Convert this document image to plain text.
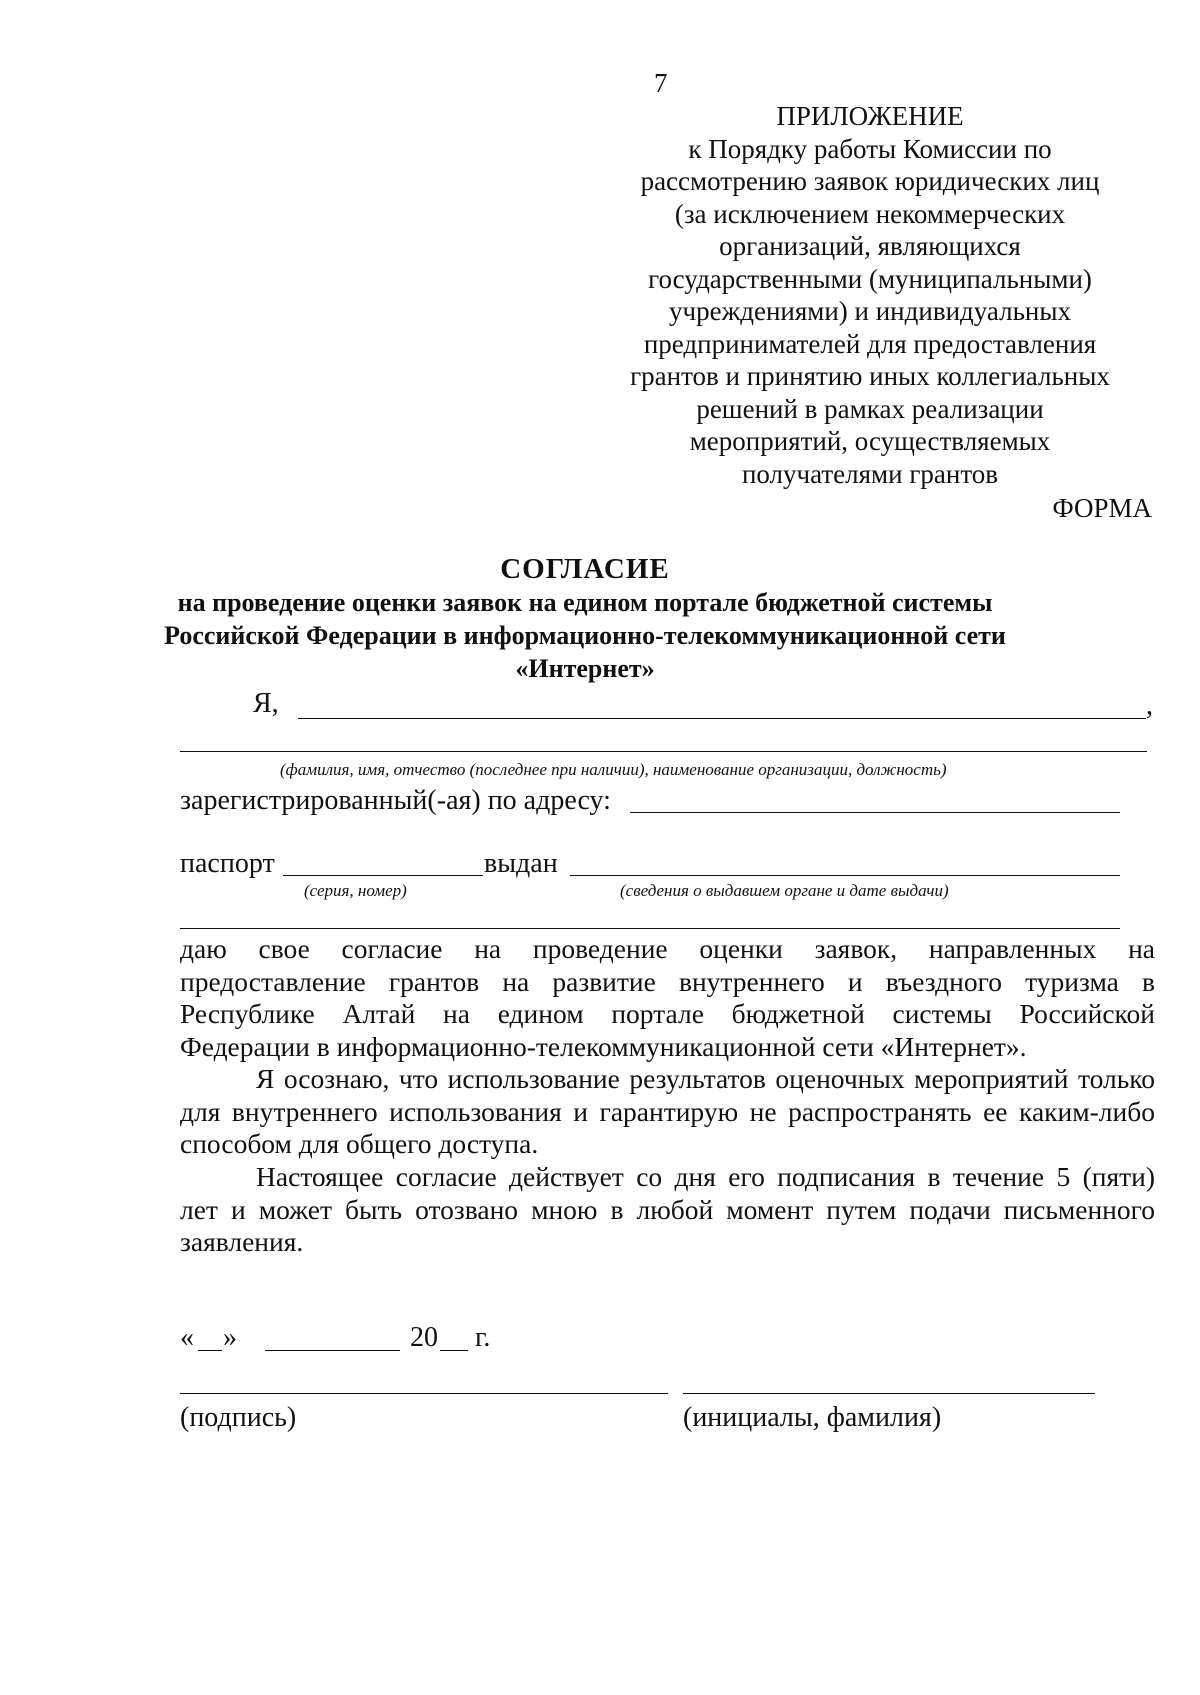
7
ПРИЛОЖЕНИЕ
к Порядку работы Комиссии по
рассмотрению заявок юридических лиц
(за исключением некоммерческих
организаций, являющихся
государственными (муниципальными)
учреждениями) и индивидуальных
предпринимателей для предоставления
грантов и принятию иных коллегиальных
решений в рамках реализации
мероприятий, осуществляемых
получателями грантов
ФОРМА
СОГЛАСИЕ
на проведение оценки заявок на едином портале бюджетной системы
Российской Федерации в информационно-телекоммуникационной сети
«Интернет»
Я,	,
(фамилия, имя, отчество (последнее при наличии), наименование организации, должность)
зарегистрированный(-ая) по адресу:
паспорт	выдан
(серия, номер)	(сведения о выдавшем органе и дате выдачи)
даю свое согласие на проведение оценки заявок, направленных на
предоставление грантов на развитие внутреннего и въездного туризма в
Республике Алтай на едином портале бюджетной системы Российской
Федерации в информационно-телекоммуникационной сети «Интернет».
Я осознаю, что использование результатов оценочных мероприятий только
для внутреннего использования и гарантирую не распространять ее каким-либо
способом для общего доступа.
Настоящее согласие действует со дня его подписания в течение 5 (пяти)
лет и может быть отозвано мною в любой момент путем подачи письменного
заявления.
« »	20 г.
(подпись)	(инициалы, фамилия)
